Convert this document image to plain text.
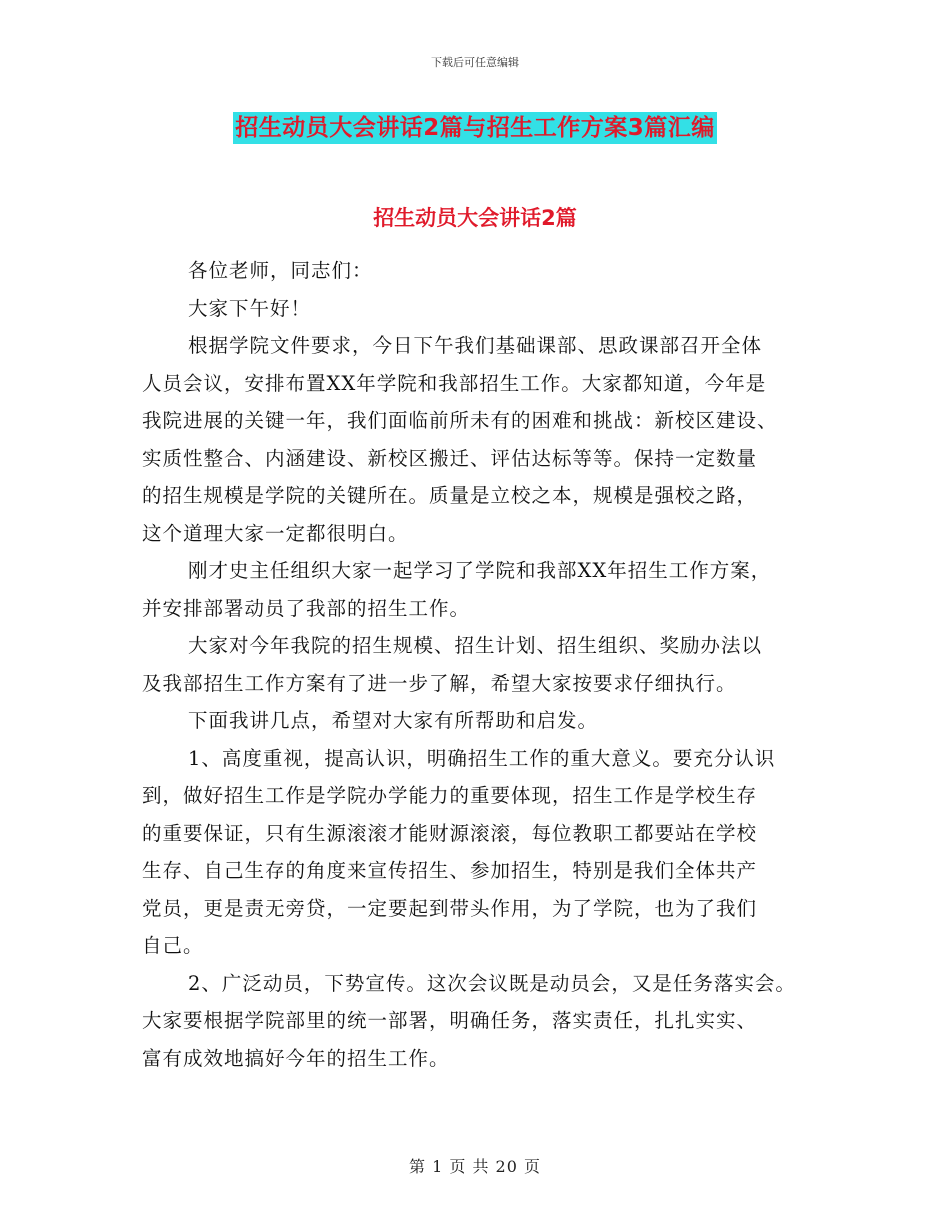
下载后可任意编辑
招生动员大会讲话2篇与招生工作方案3篇汇编
招生动员大会讲话2篇
各位老师，同志们：
大家下午好！
根据学院文件要求，今日下午我们基础课部、思政课部召开全体
人员会议，安排布置XX年学院和我部招生工作。大家都知道，今年是
我院进展的关键一年，我们面临前所未有的困难和挑战：新校区建设、
实质性整合、内涵建设、新校区搬迁、评估达标等等。保持一定数量
的招生规模是学院的关键所在。质量是立校之本，规模是强校之路，
这个道理大家一定都很明白。
刚才史主任组织大家一起学习了学院和我部XX年招生工作方案，
并安排部署动员了我部的招生工作。
大家对今年我院的招生规模、招生计划、招生组织、奖励办法以
及我部招生工作方案有了进一步了解，希望大家按要求仔细执行。
下面我讲几点，希望对大家有所帮助和启发。
1、高度重视，提高认识，明确招生工作的重大意义。要充分认识
到，做好招生工作是学院办学能力的重要体现，招生工作是学校生存
的重要保证，只有生源滚滚才能财源滚滚，每位教职工都要站在学校
生存、自己生存的角度来宣传招生、参加招生，特别是我们全体共产
党员，更是责无旁贷，一定要起到带头作用，为了学院，也为了我们
自己。
2、广泛动员，下势宣传。这次会议既是动员会，又是任务落实会。
大家要根据学院部里的统一部署，明确任务，落实责任，扎扎实实、
富有成效地搞好今年的招生工作。
第 1 页 共 20 页
